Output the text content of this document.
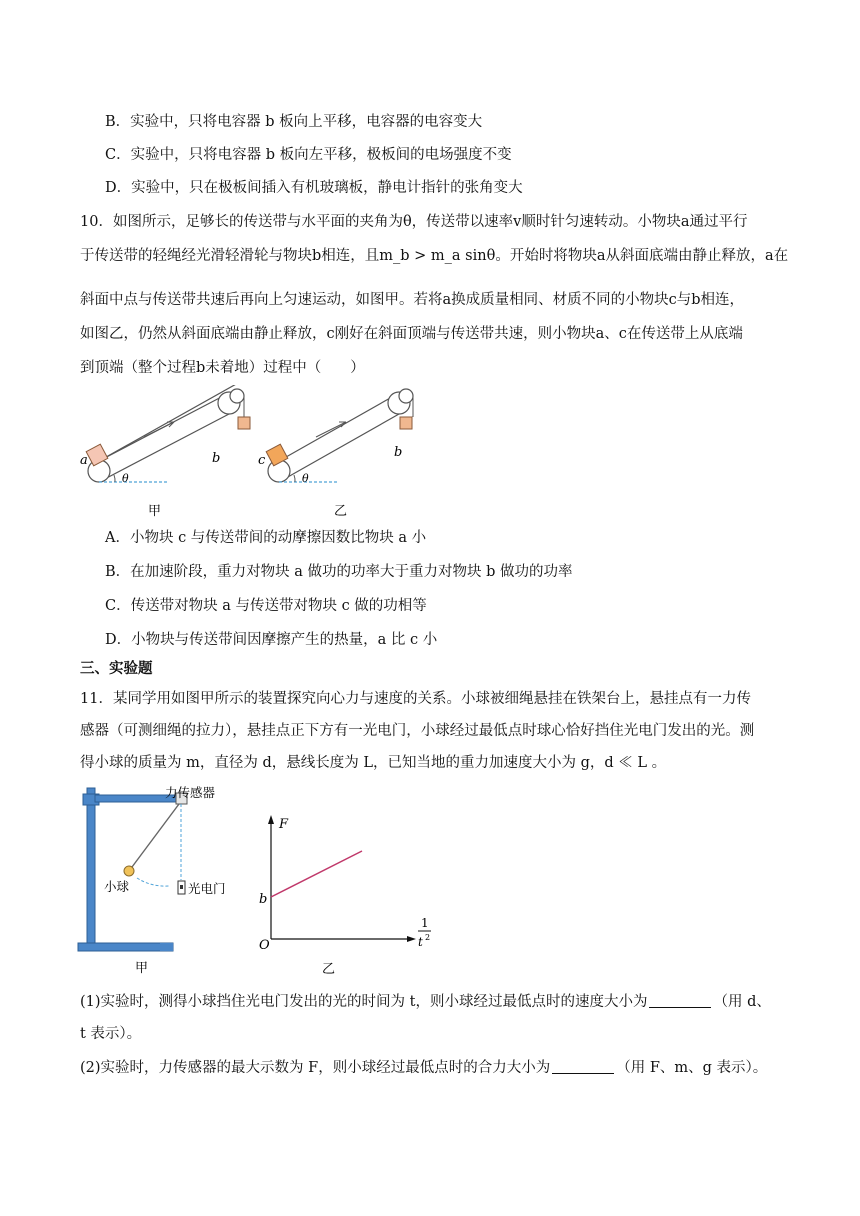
B．实验中，只将电容器 b 板向上平移，电容器的电容变大
C．实验中，只将电容器 b 板向左平移，极板间的电场强度不变
D．实验中，只在极板间插入有机玻璃板，静电计指针的张角变大
10．如图所示，足够长的传送带与水平面的夹角为θ，传送带以速率v顺时针匀速转动。小物块a通过平行
于传送带的轻绳经光滑轻滑轮与物块b相连，且m_b > m_a sinθ。开始时将物块a从斜面底端由静止释放，a在
斜面中点与传送带共速后再向上匀速运动，如图甲。若将a换成质量相同、材质不同的小物块c与b相连，
如图乙，仍然从斜面底端由静止释放，c刚好在斜面顶端与传送带共速，则小物块a、c在传送带上从底端
到顶端（整个过程b未着地）过程中（　　）
a	b
θ
甲
c
b
θ
乙
A．小物块 c 与传送带间的动摩擦因数比物块 a 小
B．在加速阶段，重力对物块 a 做功的功率大于重力对物块 b 做功的功率
C．传送带对物块 a 与传送带对物块 c 做的功相等
D．小物块与传送带间因摩擦产生的热量，a 比 c 小
三、实验题
11．某同学用如图甲所示的装置探究向心力与速度的关系。小球被细绳悬挂在铁架台上，悬挂点有一力传
感器（可测细绳的拉力），悬挂点正下方有一光电门，小球经过最低点时球心恰好挡住光电门发出的光。测
得小球的质量为 m，直径为 d，悬线长度为 L，已知当地的重力加速度大小为 g，d ≪ L 。
力传感器
小球	光电门
甲
F
b
O
1
t 2
乙
(1)实验时，测得小球挡住光电门发出的光的时间为 t，则小球经过最低点时的速度大小为	（用 d、
t 表示）。
(2)实验时，力传感器的最大示数为 F，则小球经过最低点时的合力大小为	（用 F、m、g 表示）。
